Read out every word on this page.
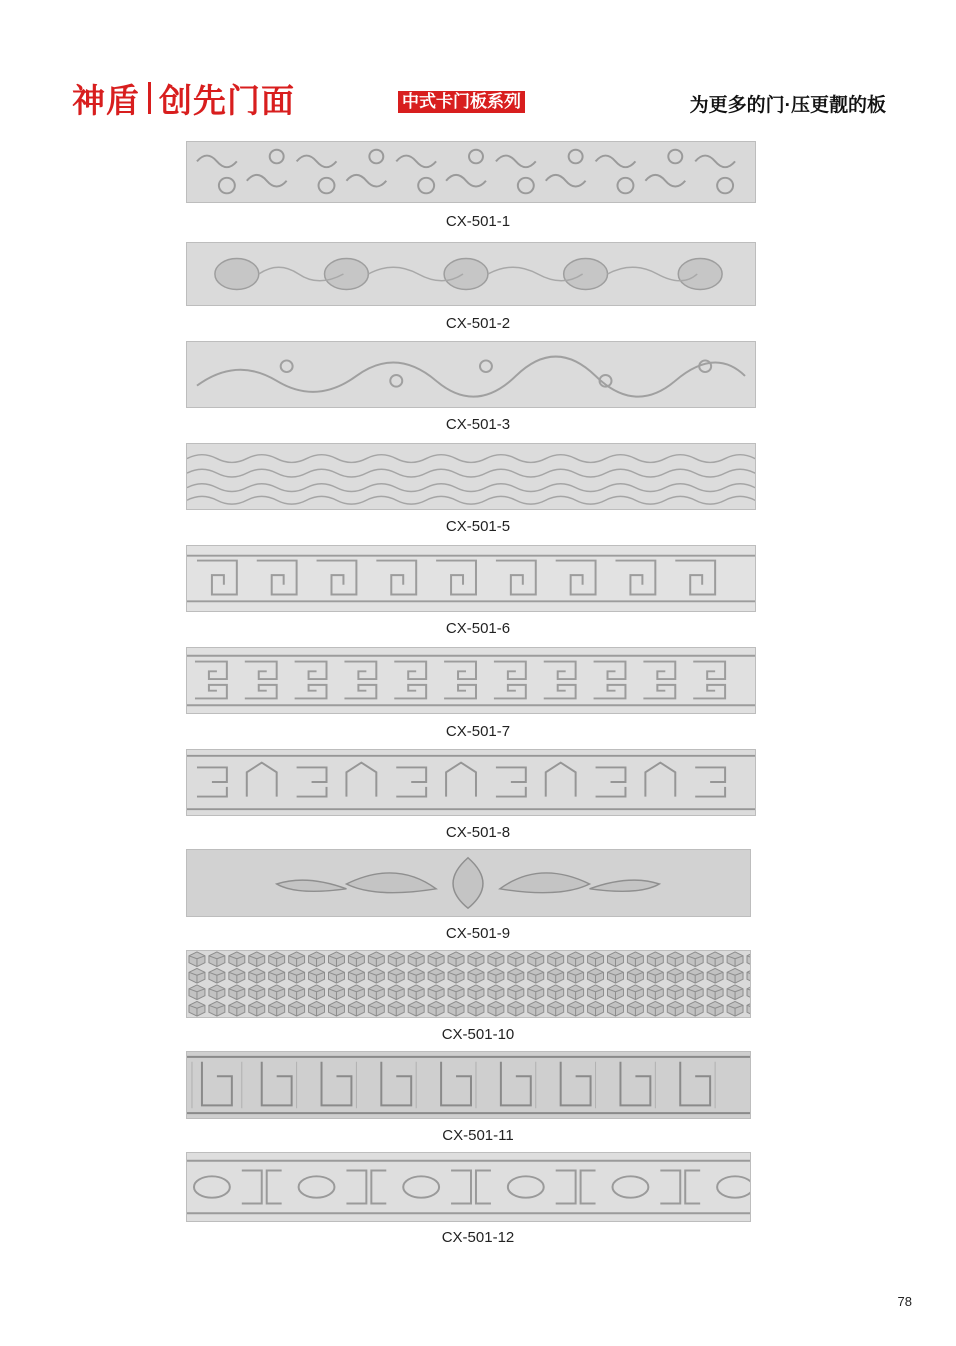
神盾 创先门面	中式卡门板系列	为更多的门·压更靓的板
CX-501-1
CX-501-2
CX-501-3
CX-501-5
CX-501-6
CX-501-7
CX-501-8
CX-501-9
CX-501-10
CX-501-11
CX-501-12
78
